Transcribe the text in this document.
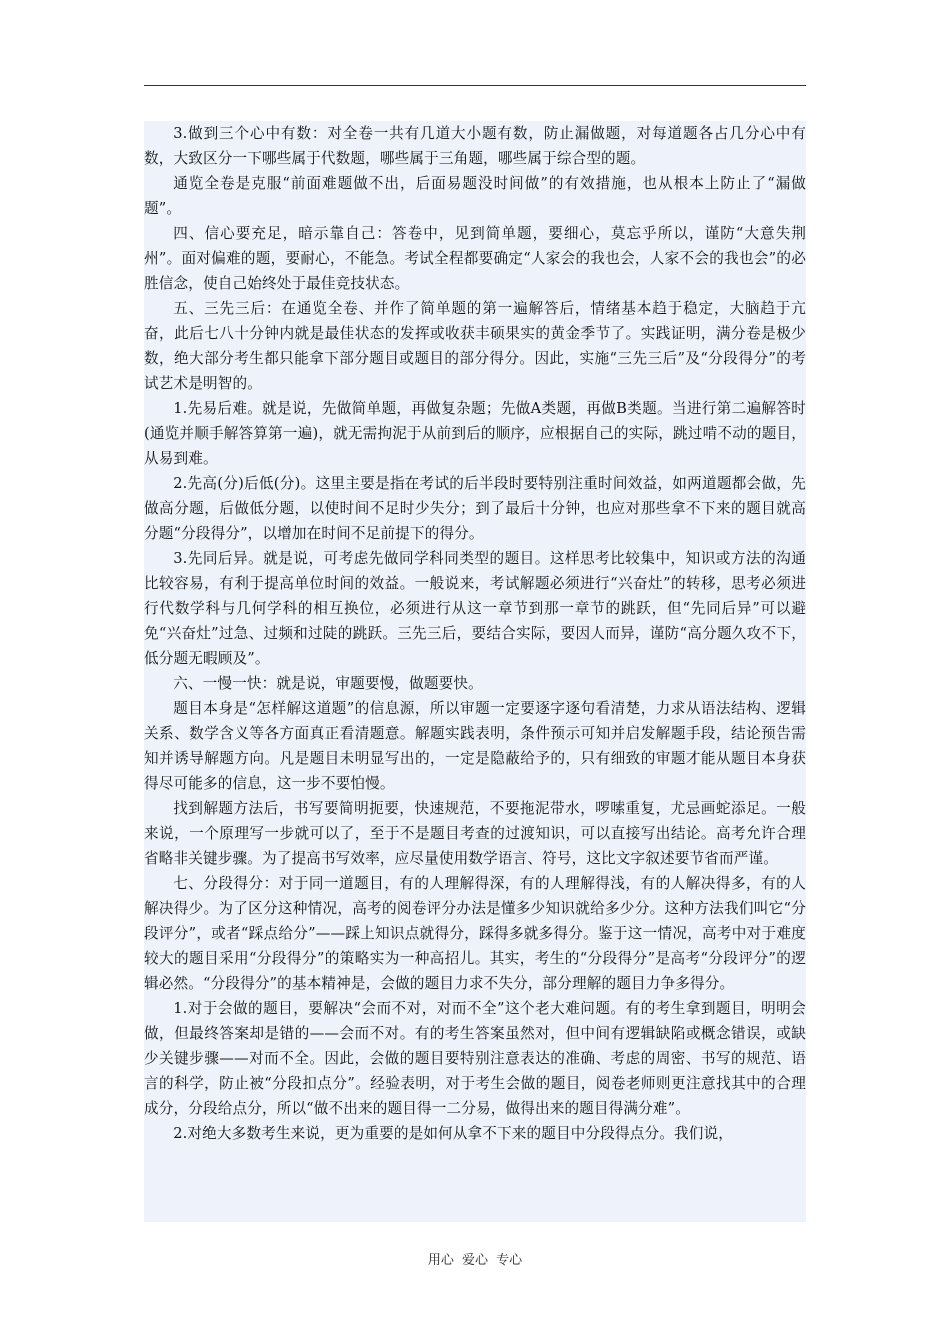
3.做到三个心中有数：对全卷一共有几道大小题有数，防止漏做题，对每道题各占几分心中有数，大致区分一下哪些属于代数题，哪些属于三角题，哪些属于综合型的题。

通览全卷是克服“前面难题做不出，后面易题没时间做”的有效措施，也从根本上防止了“漏做题”。

四、信心要充足，暗示靠自己：答卷中，见到简单题，要细心，莫忘乎所以，谨防“大意失荆州”。面对偏难的题，要耐心，不能急。考试全程都要确定“人家会的我也会，人家不会的我也会”的必胜信念，使自己始终处于最佳竞技状态。

五、三先三后：在通览全卷、并作了简单题的第一遍解答后，情绪基本趋于稳定，大脑趋于亢奋，此后七八十分钟内就是最佳状态的发挥或收获丰硕果实的黄金季节了。实践证明，满分卷是极少数，绝大部分考生都只能拿下部分题目或题目的部分得分。因此，实施“三先三后”及“分段得分”的考试艺术是明智的。

1.先易后难。就是说，先做简单题，再做复杂题；先做A类题，再做B类题。当进行第二遍解答时(通览并顺手解答算第一遍)，就无需拘泥于从前到后的顺序，应根据自己的实际，跳过啃不动的题目，从易到难。

2.先高(分)后低(分)。这里主要是指在考试的后半段时要特别注重时间效益，如两道题都会做，先做高分题，后做低分题，以使时间不足时少失分；到了最后十分钟，也应对那些拿不下来的题目就高分题“分段得分”，以增加在时间不足前提下的得分。

3.先同后异。就是说，可考虑先做同学科同类型的题目。这样思考比较集中，知识或方法的沟通比较容易，有利于提高单位时间的效益。一般说来，考试解题必须进行“兴奋灶”的转移，思考必须进行代数学科与几何学科的相互换位，必须进行从这一章节到那一章节的跳跃，但“先同后异”可以避免“兴奋灶”过急、过频和过陡的跳跃。三先三后，要结合实际，要因人而异，谨防“高分题久攻不下，低分题无暇顾及”。

六、一慢一快：就是说，审题要慢，做题要快。

题目本身是“怎样解这道题”的信息源，所以审题一定要逐字逐句看清楚，力求从语法结构、逻辑关系、数学含义等各方面真正看清题意。解题实践表明，条件预示可知并启发解题手段，结论预告需知并诱导解题方向。凡是题目未明显写出的，一定是隐蔽给予的，只有细致的审题才能从题目本身获得尽可能多的信息，这一步不要怕慢。

找到解题方法后，书写要简明扼要，快速规范，不要拖泥带水，啰嗦重复，尤忌画蛇添足。一般来说，一个原理写一步就可以了，至于不是题目考查的过渡知识，可以直接写出结论。高考允许合理省略非关键步骤。为了提高书写效率，应尽量使用数学语言、符号，这比文字叙述要节省而严谨。

七、分段得分：对于同一道题目，有的人理解得深，有的人理解得浅，有的人解决得多，有的人解决得少。为了区分这种情况，高考的阅卷评分办法是懂多少知识就给多少分。这种方法我们叫它“分段评分”，或者“踩点给分”——踩上知识点就得分，踩得多就多得分。鉴于这一情况，高考中对于难度较大的题目采用“分段得分”的策略实为一种高招儿。其实，考生的“分段得分”是高考“分段评分”的逻辑必然。“分段得分”的基本精神是，会做的题目力求不失分，部分理解的题目力争多得分。

1.对于会做的题目，要解决“会而不对，对而不全”这个老大难问题。有的考生拿到题目，明明会做，但最终答案却是错的——会而不对。有的考生答案虽然对，但中间有逻辑缺陷或概念错误，或缺少关键步骤——对而不全。因此，会做的题目要特别注意表达的准确、考虑的周密、书写的规范、语言的科学，防止被“分段扣点分”。经验表明，对于考生会做的题目，阅卷老师则更注意找其中的合理成分，分段给点分，所以“做不出来的题目得一二分易，做得出来的题目得满分难”。

2.对绝大多数考生来说，更为重要的是如何从拿不下来的题目中分段得点分。我们说，

用心 爱心 专心
